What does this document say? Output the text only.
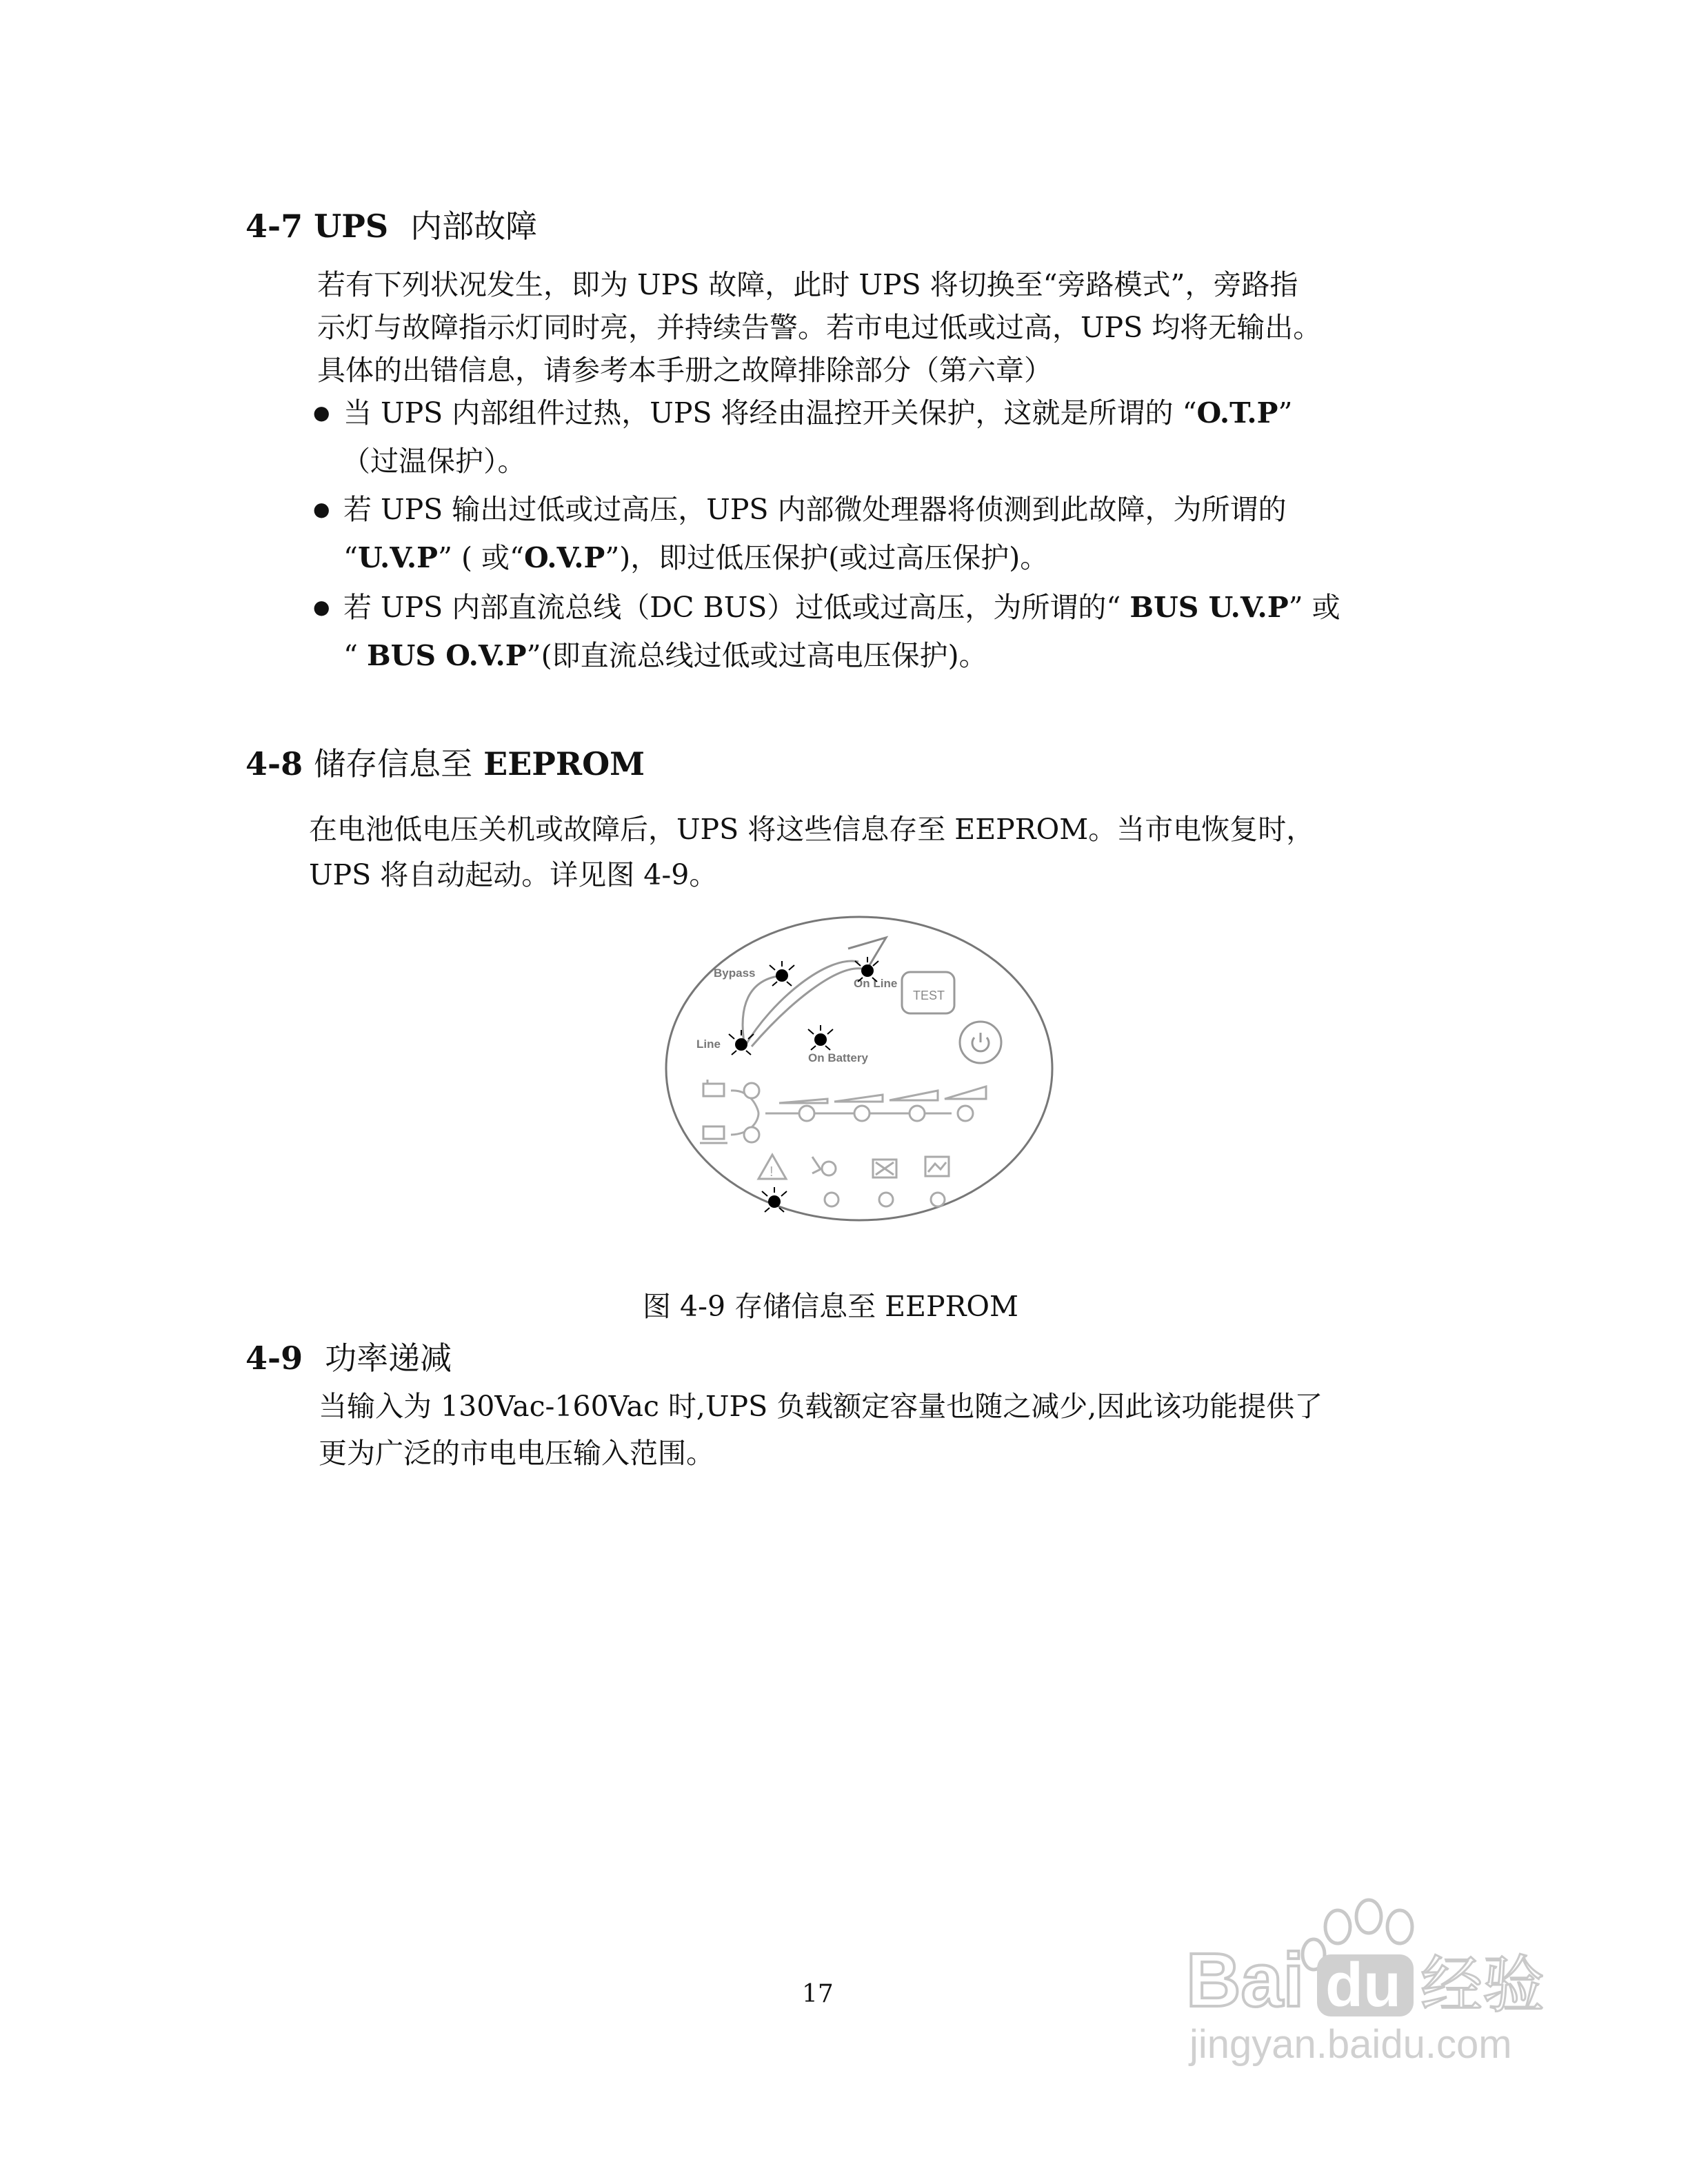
4-7 UPS 内部故障
若有下列状况发生，即为 UPS 故障，此时 UPS 将切换至“旁路模式”，旁路指
示灯与故障指示灯同时亮，并持续告警。若市电过低或过高，UPS 均将无输出。
具体的出错信息，请参考本手册之故障排除部分（第六章）
● 当 UPS 内部组件过热，UPS 将经由温控开关保护，这就是所谓的 “O.T.P”
（过温保护）。
● 若 UPS 输出过低或过高压，UPS 内部微处理器将侦测到此故障，为所谓的
“U.V.P” ( 或“O.V.P”)，即过低压保护(或过高压保护)。
● 若 UPS 内部直流总线（DC BUS）过低或过高压，为所谓的“ BUS U.V.P” 或
“ BUS O.V.P”(即直流总线过低或过高电压保护)。
4-8 储存信息至 EEPROM
在电池低电压关机或故障后，UPS 将这些信息存至 EEPROM。当市电恢复时，
UPS 将自动起动。详见图 4-9。
Bypass
On Line
Line
On Battery
TEST
!
图 4-9 存储信息至 EEPROM
4-9 功率递减
当输入为 130Vac-160Vac 时,UPS 负载额定容量也随之减少,因此该功能提供了
更为广泛的市电电压输入范围。
17	Bai du 经验
jingyan.baidu.com
